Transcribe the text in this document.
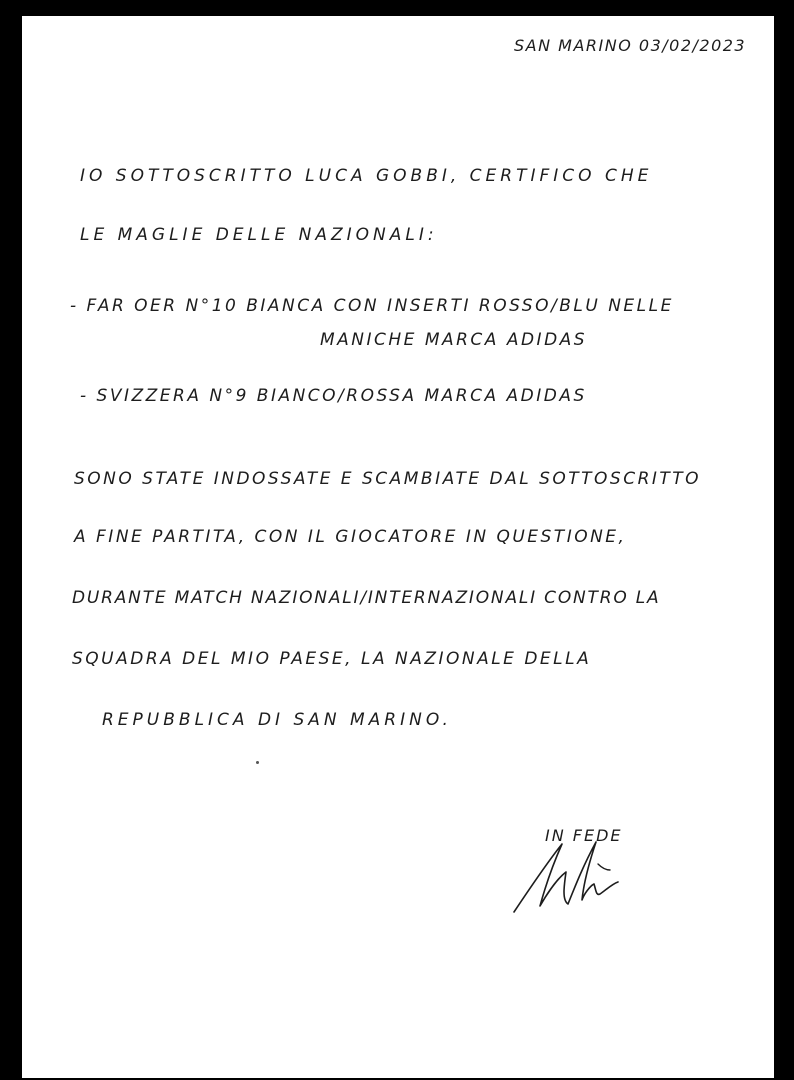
SAN MARINO 03/02/2023
IO SOTTOSCRITTO LUCA GOBBI, CERTIFICO CHE
LE MAGLIE DELLE NAZIONALI:
- FAR OER N°10 BIANCA CON INSERTI ROSSO/BLU NELLE
MANICHE MARCA ADIDAS
- SVIZZERA N°9 BIANCO/ROSSA MARCA ADIDAS
SONO STATE INDOSSATE E SCAMBIATE DAL SOTTOSCRITTO
A FINE PARTITA, CON IL GIOCATORE IN QUESTIONE,
DURANTE MATCH NAZIONALI/INTERNAZIONALI CONTRO LA
SQUADRA DEL MIO PAESE, LA NAZIONALE DELLA
REPUBBLICA DI SAN MARINO.
IN FEDE
